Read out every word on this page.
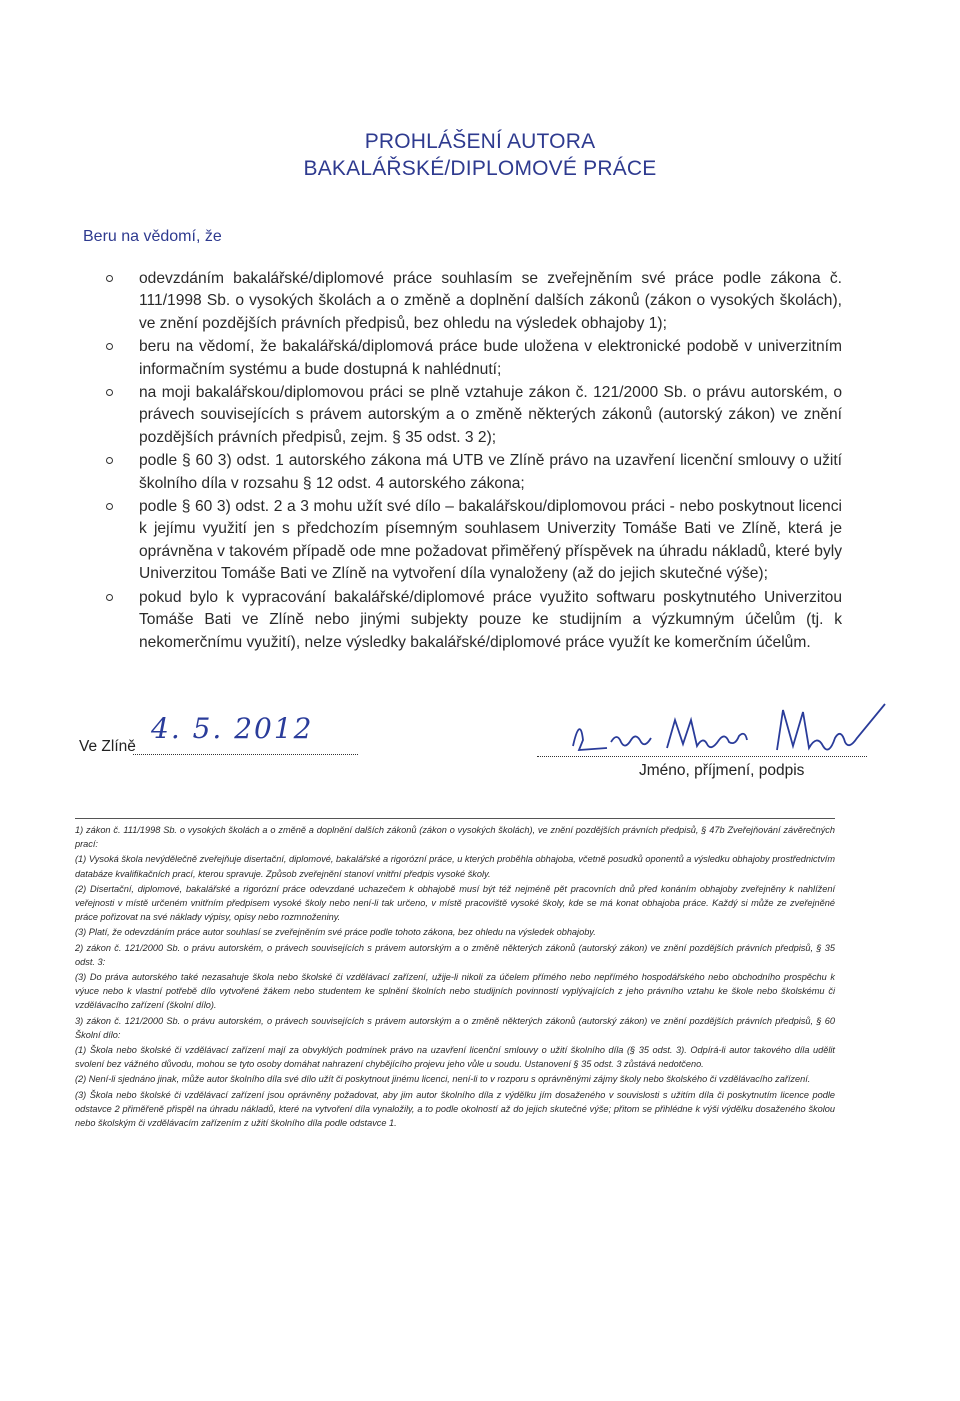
PROHLÁŠENÍ AUTORA
BAKALÁŘSKÉ/DIPLOMOVÉ PRÁCE
Beru na vědomí, že
odevzdáním bakalářské/diplomové práce souhlasím se zveřejněním své práce podle zákona č. 111/1998 Sb. o vysokých školách a o změně a doplnění dalších zákonů (zákon o vysokých školách), ve znění pozdějších právních předpisů, bez ohledu na výsledek obhajoby 1);
beru na vědomí, že bakalářská/diplomová práce bude uložena v elektronické podobě v univerzitním informačním systému a bude dostupná k nahlédnutí;
na moji bakalářskou/diplomovou práci se plně vztahuje zákon č. 121/2000 Sb. o právu autorském, o právech souvisejících s právem autorským a o změně některých zákonů (autorský zákon) ve znění pozdějších právních předpisů, zejm. § 35 odst. 3 2);
podle § 60 3) odst. 1 autorského zákona má UTB ve Zlíně právo na uzavření licenční smlouvy o užití školního díla v rozsahu § 12 odst. 4 autorského zákona;
podle § 60 3) odst. 2 a 3 mohu užít své dílo – bakalářskou/diplomovou práci - nebo poskytnout licenci k jejímu využití jen s předchozím písemným souhlasem Univerzity Tomáše Bati ve Zlíně, která je oprávněna v takovém případě ode mne požadovat přiměřený příspěvek na úhradu nákladů, které byly Univerzitou Tomáše Bati ve Zlíně na vytvoření díla vynaloženy (až do jejich skutečné výše);
pokud bylo k vypracování bakalářské/diplomové práce využito softwaru poskytnutého Univerzitou Tomáše Bati ve Zlíně nebo jinými subjekty pouze ke studijním a výzkumným účelům (tj. k nekomerčnímu využití), nelze výsledky bakalářské/diplomové práce využít ke komerčním účelům.
Ve Zlíně
4. 5. 2012
Jméno, příjmení, podpis

1) zákon č. 111/1998 Sb. o vysokých školách a o změně a doplnění dalších zákonů (zákon o vysokých školách), ve znění pozdějších právních předpisů, § 47b Zveřejňování závěrečných prací:

(1) Vysoká škola nevýdělečně zveřejňuje disertační, diplomové, bakalářské a rigorózní práce, u kterých proběhla obhajoba, včetně posudků oponentů a výsledku obhajoby prostřednictvím databáze kvalifikačních prací, kterou spravuje. Způsob zveřejnění stanoví vnitřní předpis vysoké školy.

(2) Disertační, diplomové, bakalářské a rigorózní práce odevzdané uchazečem k obhajobě musí být též nejméně pět pracovních dnů před konáním obhajoby zveřejněny k nahlížení veřejnosti v místě určeném vnitřním předpisem vysoké školy nebo není-li tak určeno, v místě pracoviště vysoké školy, kde se má konat obhajoba práce. Každý si může ze zveřejněné práce pořizovat na své náklady výpisy, opisy nebo rozmnoženiny.

(3) Platí, že odevzdáním práce autor souhlasí se zveřejněním své práce podle tohoto zákona, bez ohledu na výsledek obhajoby.

2) zákon č. 121/2000 Sb. o právu autorském, o právech souvisejících s právem autorským a o změně některých zákonů (autorský zákon) ve znění pozdějších právních předpisů, § 35 odst. 3:

(3) Do práva autorského také nezasahuje škola nebo školské či vzdělávací zařízení, užije-li nikoli za účelem přímého nebo nepřímého hospodářského nebo obchodního prospěchu k výuce nebo k vlastní potřebě dílo vytvořené žákem nebo studentem ke splnění školních nebo studijních povinností vyplývajících z jeho právního vztahu ke škole nebo školskému či vzdělávacího zařízení (školní dílo).

3) zákon č. 121/2000 Sb. o právu autorském, o právech souvisejících s právem autorským a o změně některých zákonů (autorský zákon) ve znění pozdějších právních předpisů, § 60 Školní dílo:

(1) Škola nebo školské či vzdělávací zařízení mají za obvyklých podmínek právo na uzavření licenční smlouvy o užití školního díla (§ 35 odst. 3). Odpírá-li autor takového díla udělit svolení bez vážného důvodu, mohou se tyto osoby domáhat nahrazení chybějícího projevu jeho vůle u soudu. Ustanovení § 35 odst. 3 zůstává nedotčeno.

(2) Není-li sjednáno jinak, může autor školního díla své dílo užít či poskytnout jinému licenci, není-li to v rozporu s oprávněnými zájmy školy nebo školského či vzdělávacího zařízení.

(3) Škola nebo školské či vzdělávací zařízení jsou oprávněny požadovat, aby jim autor školního díla z výdělku jím dosaženého v souvislosti s užitím díla či poskytnutím licence podle odstavce 2 přiměřeně přispěl na úhradu nákladů, které na vytvoření díla vynaložily, a to podle okolností až do jejich skutečné výše; přitom se přihlédne k výši výdělku dosaženého školou nebo školským či vzdělávacím zařízením z užití školního díla podle odstavce 1.
